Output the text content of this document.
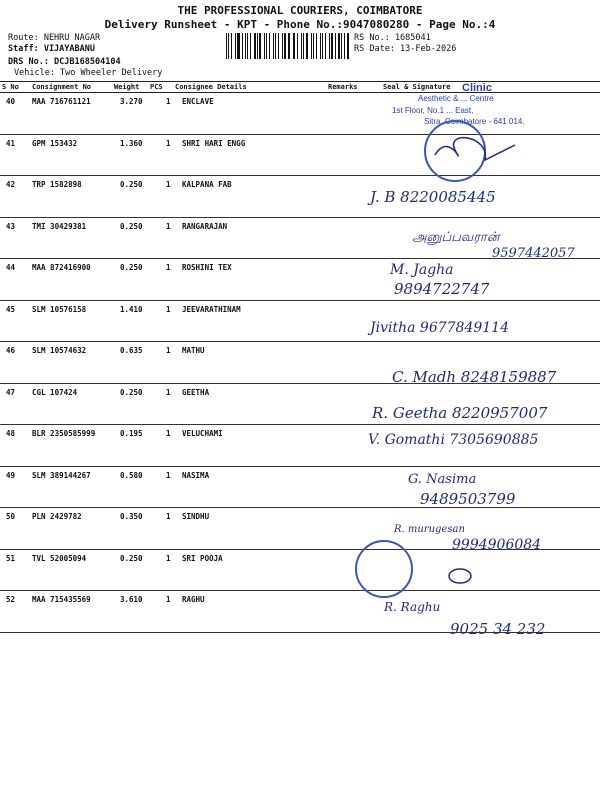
THE PROFESSIONAL COURIERS, COIMBATORE
Delivery Runsheet - KPT - Phone No.:9047080280 - Page No.:4
Route: NEHRU NAGAR
Staff: VIJAYABANU
DRS No.: DCJB168504104
Vehicle: Two Wheeler Delivery
RS No.: 1685041
RS Date: 13-Feb-2026
S No Consignment No	Weight PCS Consignee Details	Remarks	Seal & Signature
40 MAA 716761121	3.270	1 ENCLAVE
41 GPM 153432	1.360	1 SHRI HARI ENGG
42 TRP 1582898	0.250	1 KALPANA FAB
43 TMI 30429381	0.250	1 RANGARAJAN
44 MAA 872416900	0.250	1 ROSHINI TEX
45 SLM 10576158	1.410	1 JEEVARATHINAM
46 SLM 10574632	0.635	1 MATHU
47 CGL 107424	0.250	1 GEETHA
48 BLR 2350585999	0.195	1 VELUCHAMI
49 SLM 389144267	0.580	1 NASIMA
50 PLN 2429782	0.350	1 SINDHU
51 TVL 52005094	0.250	1 SRI POOJA
52 MAA 715435569	3.610	1 RAGHU
Clinic
Aesthetic & ... Centre
1st Floor, No.1 ... East,
Sitra, Coimbatore - 641 014.
J. B 8220085445
அனுப்பவரான்
9597442057
M. Jagha
9894722747
Jivitha 9677849114
C. Madh 8248159887
R. Geetha 8220957007
V. Gomathi 7305690885
G. Nasima
9489503799
R. murugesan
9994906084
R. Raghu
9025 34 232
